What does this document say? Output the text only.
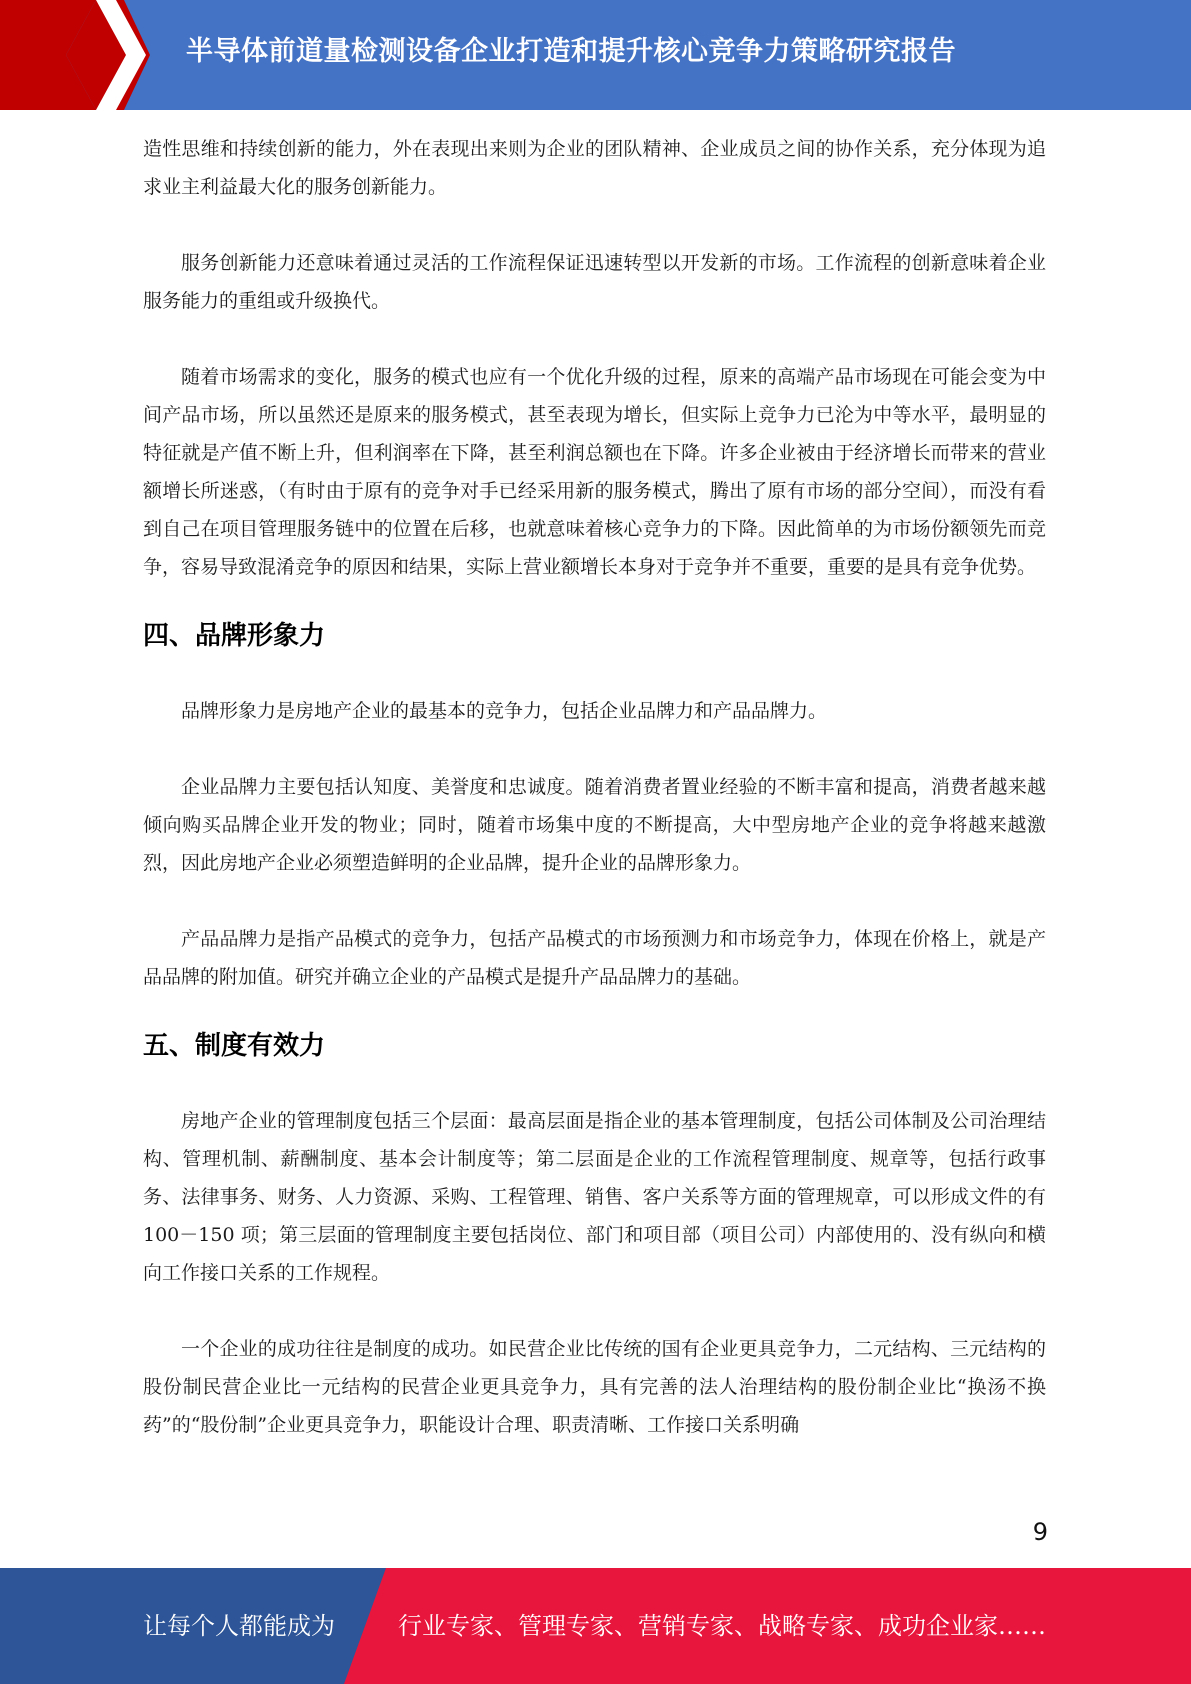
半导体前道量检测设备企业打造和提升核心竞争力策略研究报告

造性思维和持续创新的能力，外在表现出来则为企业的团队精神、企业成员之间的协作关系，充分体现为追求业主利益最大化的服务创新能力。

服务创新能力还意味着通过灵活的工作流程保证迅速转型以开发新的市场。工作流程的创新意味着企业服务能力的重组或升级换代。

随着市场需求的变化，服务的模式也应有一个优化升级的过程，原来的高端产品市场现在可能会变为中间产品市场，所以虽然还是原来的服务模式，甚至表现为增长，但实际上竞争力已沦为中等水平，最明显的特征就是产值不断上升，但利润率在下降，甚至利润总额也在下降。许多企业被由于经济增长而带来的营业额增长所迷惑，（有时由于原有的竞争对手已经采用新的服务模式，腾出了原有市场的部分空间），而没有看到自己在项目管理服务链中的位置在后移，也就意味着核心竞争力的下降。因此简单的为市场份额领先而竞争，容易导致混淆竞争的原因和结果，实际上营业额增长本身对于竞争并不重要，重要的是具有竞争优势。

四、品牌形象力

品牌形象力是房地产企业的最基本的竞争力，包括企业品牌力和产品品牌力。

企业品牌力主要包括认知度、美誉度和忠诚度。随着消费者置业经验的不断丰富和提高，消费者越来越倾向购买品牌企业开发的物业；同时，随着市场集中度的不断提高，大中型房地产企业的竞争将越来越激烈，因此房地产企业必须塑造鲜明的企业品牌，提升企业的品牌形象力。

产品品牌力是指产品模式的竞争力，包括产品模式的市场预测力和市场竞争力，体现在价格上，就是产品品牌的附加值。研究并确立企业的产品模式是提升产品品牌力的基础。

五、制度有效力

房地产企业的管理制度包括三个层面：最高层面是指企业的基本管理制度，包括公司体制及公司治理结构、管理机制、薪酬制度、基本会计制度等；第二层面是企业的工作流程管理制度、规章等，包括行政事务、法律事务、财务、人力资源、采购、工程管理、销售、客户关系等方面的管理规章，可以形成文件的有 100－150 项；第三层面的管理制度主要包括岗位、部门和项目部（项目公司）内部使用的、没有纵向和横向工作接口关系的工作规程。

一个企业的成功往往是制度的成功。如民营企业比传统的国有企业更具竞争力，二元结构、三元结构的股份制民营企业比一元结构的民营企业更具竞争力，具有完善的法人治理结构的股份制企业比“换汤不换药”的“股份制”企业更具竞争力，职能设计合理、职责清晰、工作接口关系明确

9
让每个人都能成为	行业专家、管理专家、营销专家、战略专家、成功企业家……
